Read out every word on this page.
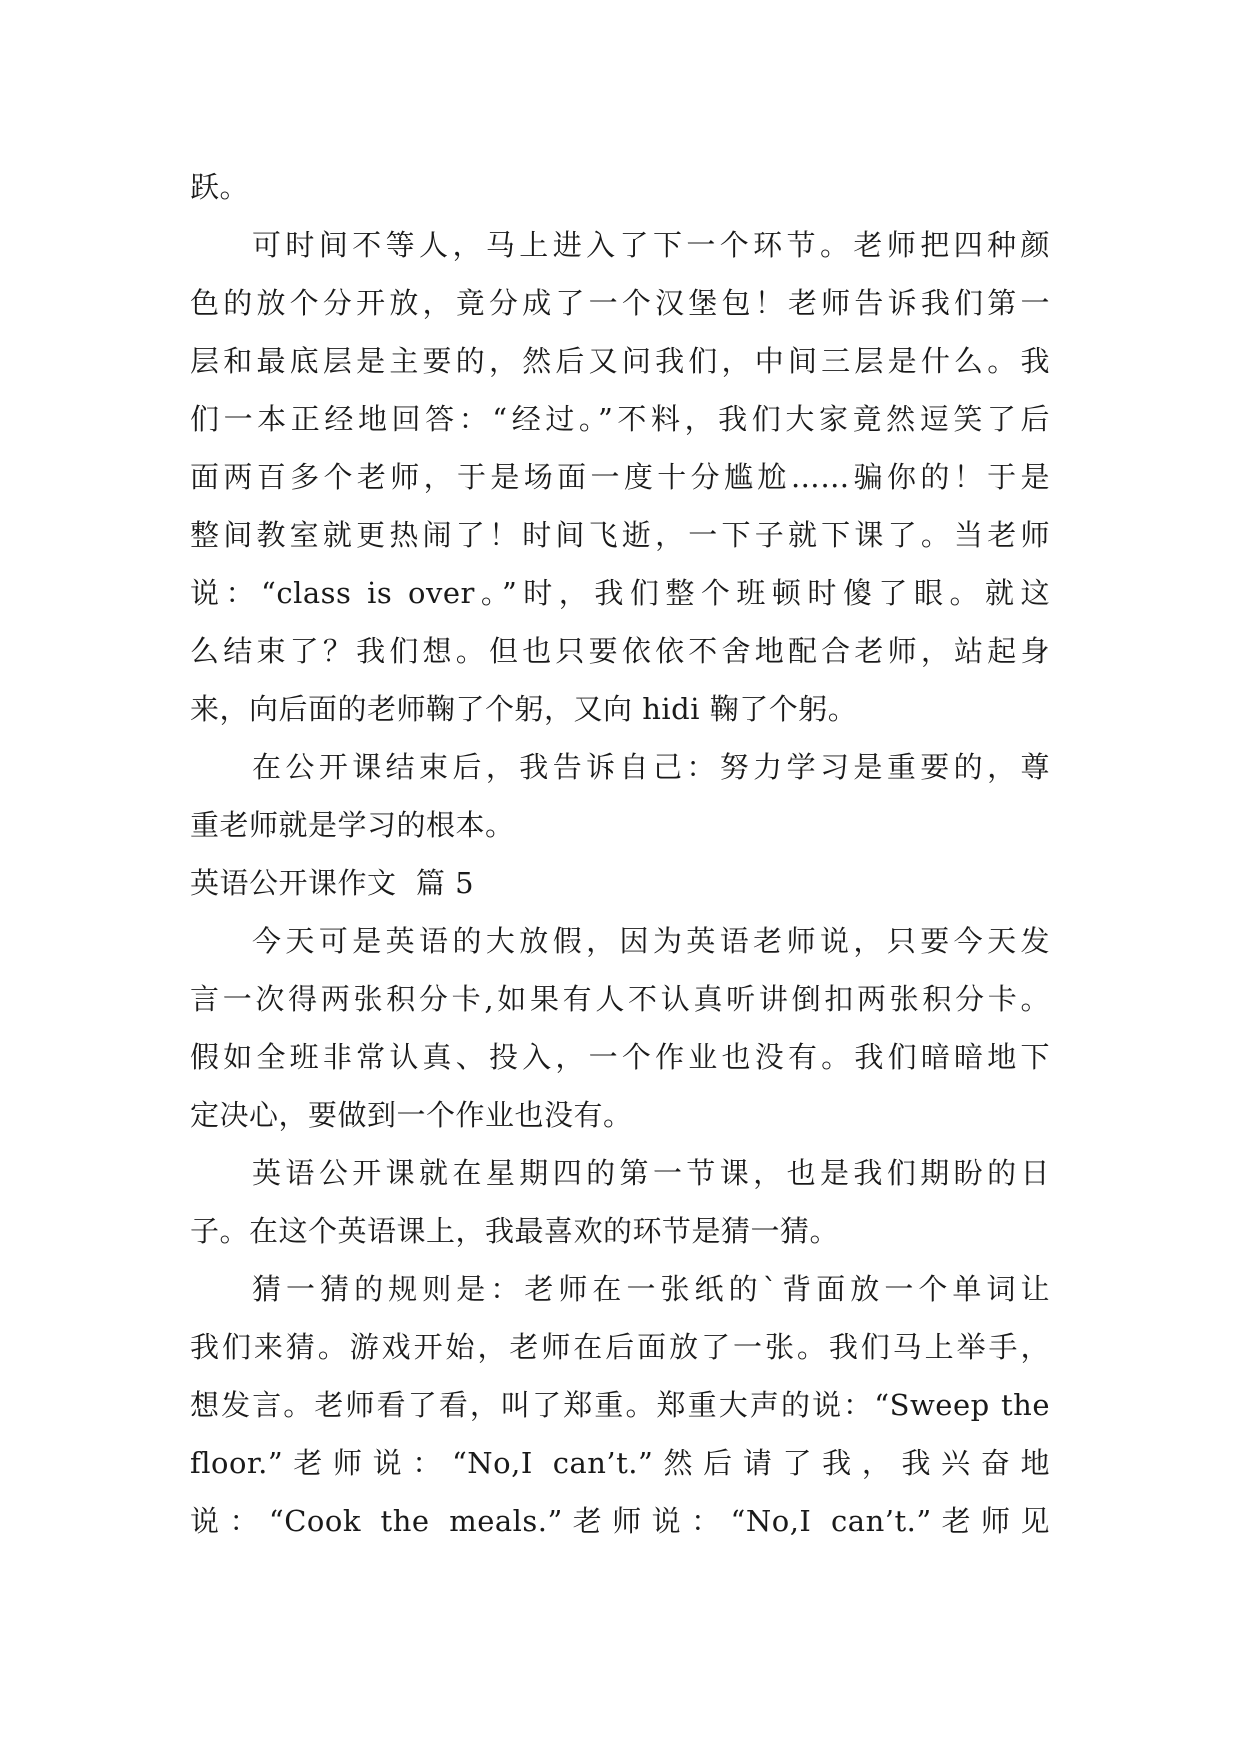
跃。
可时间不等人，马上进入了下一个环节。老师把四种颜
色的放个分开放，竟分成了一个汉堡包！老师告诉我们第一
层和最底层是主要的，然后又问我们，中间三层是什么。我
们一本正经地回答：“经过。”不料，我们大家竟然逗笑了后
面两百多个老师，于是场面一度十分尴尬……骗你的！于是
整间教室就更热闹了！时间飞逝，一下子就下课了。当老师
说：“class is over。”时，我们整个班顿时傻了眼。就这
么结束了？我们想。但也只要依依不舍地配合老师，站起身
来，向后面的老师鞠了个躬，又向 hidi 鞠了个躬。
在公开课结束后，我告诉自己：努力学习是重要的，尊
重老师就是学习的根本。
英语公开课作文  篇 5
今天可是英语的大放假，因为英语老师说，只要今天发
言一次得两张积分卡,如果有人不认真听讲倒扣两张积分卡。
假如全班非常认真、投入，一个作业也没有。我们暗暗地下
定决心，要做到一个作业也没有。
英语公开课就在星期四的第一节课，也是我们期盼的日
子。在这个英语课上，我最喜欢的环节是猜一猜。
猜一猜的规则是：老师在一张纸的`背面放一个单词让
我们来猜。游戏开始，老师在后面放了一张。我们马上举手，
想发言。老师看了看，叫了郑重。郑重大声的说：“Sweep the
floor.”老师说：“No,I can’t.”然后请了我，我兴奋地
说：“Cook the meals.”老师说：“No,I can’t.”老师见
